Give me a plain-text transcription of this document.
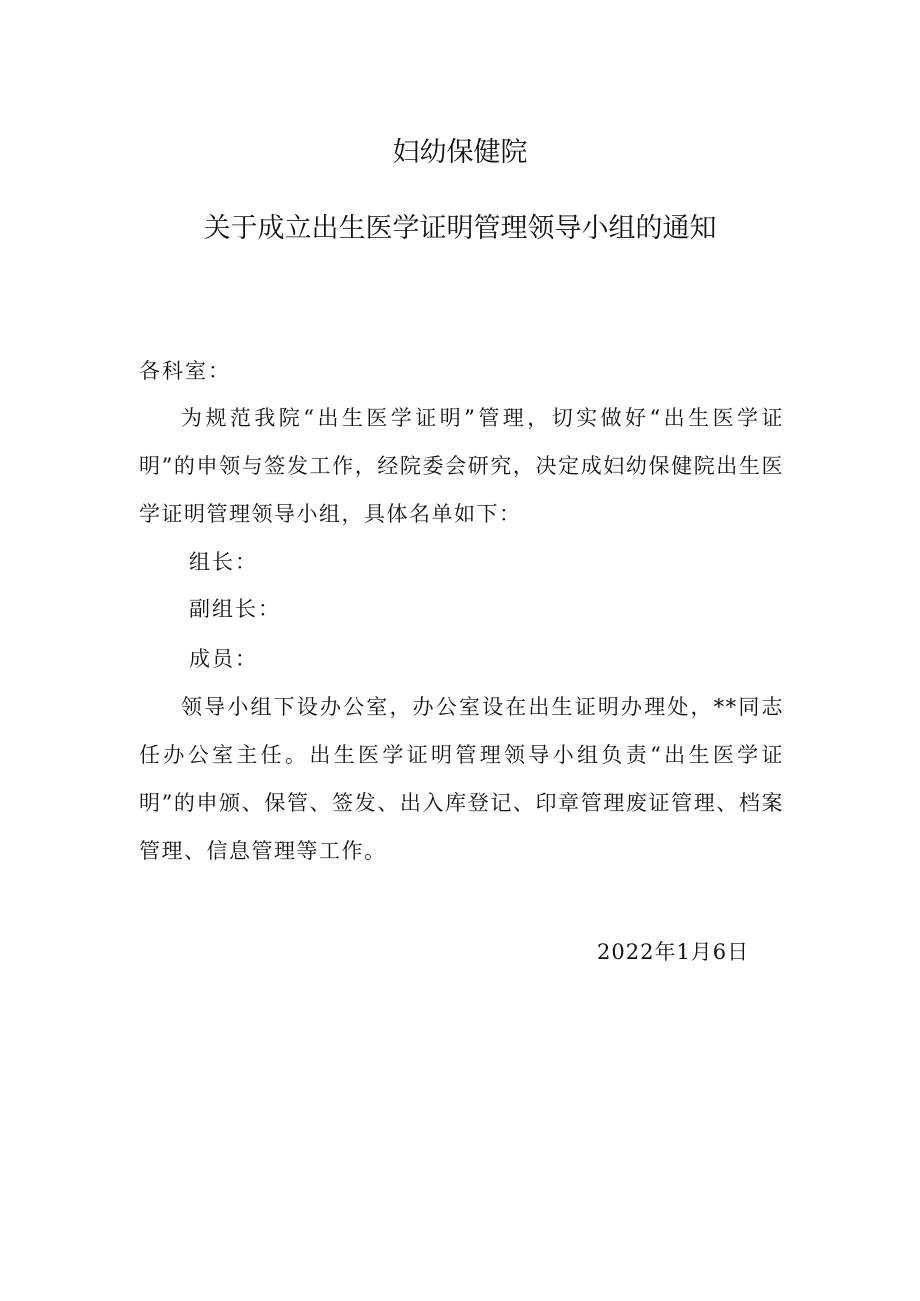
妇幼保健院
关于成立出生医学证明管理领导小组的通知
各科室：

为规范我院“出生医学证明”管理，切实做好“出生医学证明”的申领与签发工作，经院委会研究，决定成妇幼保健院出生医学证明管理领导小组，具体名单如下：

组长：
副组长：
成员：

领导小组下设办公室，办公室设在出生证明办理处，**同志任办公室主任。出生医学证明管理领导小组负责“出生医学证明”的申颁、保管、签发、出入库登记、印章管理废证管理、档案管理、信息管理等工作。

2022年1月6日
